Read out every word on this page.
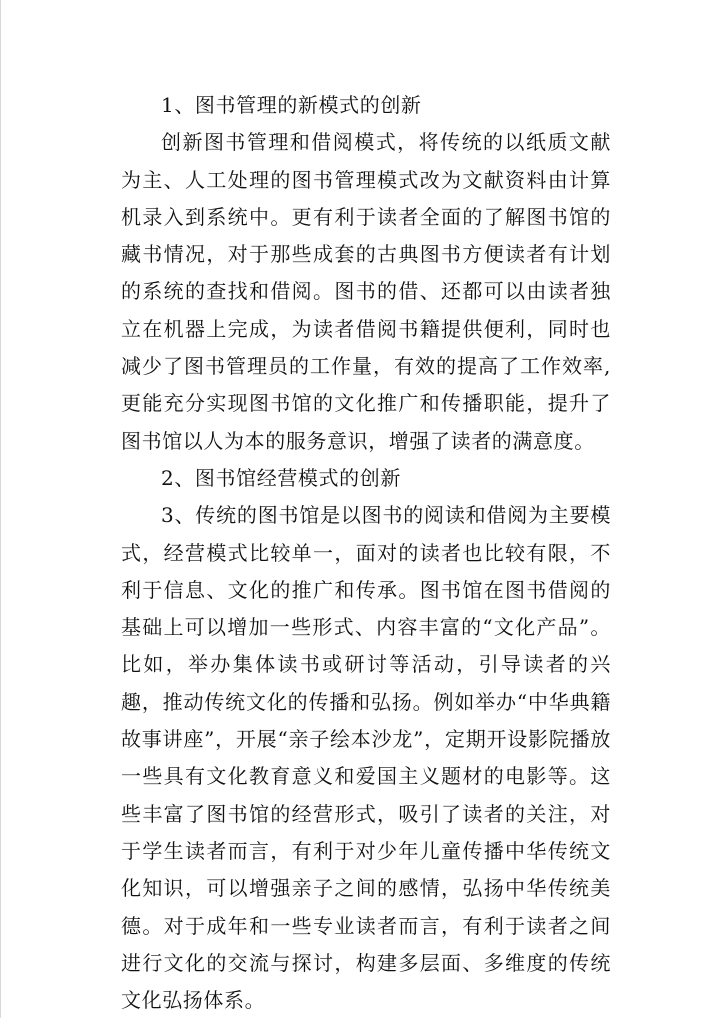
1、图书管理的新模式的创新

创新图书管理和借阅模式，将传统的以纸质文献为主、人工处理的图书管理模式改为文献资料由计算机录入到系统中。更有利于读者全面的了解图书馆的藏书情况，对于那些成套的古典图书方便读者有计划的系统的查找和借阅。图书的借、还都可以由读者独立在机器上完成，为读者借阅书籍提供便利，同时也减少了图书管理员的工作量，有效的提高了工作效率,更能充分实现图书馆的文化推广和传播职能，提升了图书馆以人为本的服务意识，增强了读者的满意度。

2、图书馆经营模式的创新

3、传统的图书馆是以图书的阅读和借阅为主要模式，经营模式比较单一，面对的读者也比较有限，不利于信息、文化的推广和传承。图书馆在图书借阅的基础上可以增加一些形式、内容丰富的“文化产品”。比如，举办集体读书或研讨等活动，引导读者的兴趣，推动传统文化的传播和弘扬。例如举办“中华典籍故事讲座”，开展“亲子绘本沙龙”，定期开设影院播放一些具有文化教育意义和爱国主义题材的电影等。这些丰富了图书馆的经营形式，吸引了读者的关注，对于学生读者而言，有利于对少年儿童传播中华传统文化知识，可以增强亲子之间的感情，弘扬中华传统美德。对于成年和一些专业读者而言，有利于读者之间进行文化的交流与探讨，构建多层面、多维度的传统文化弘扬体系。
